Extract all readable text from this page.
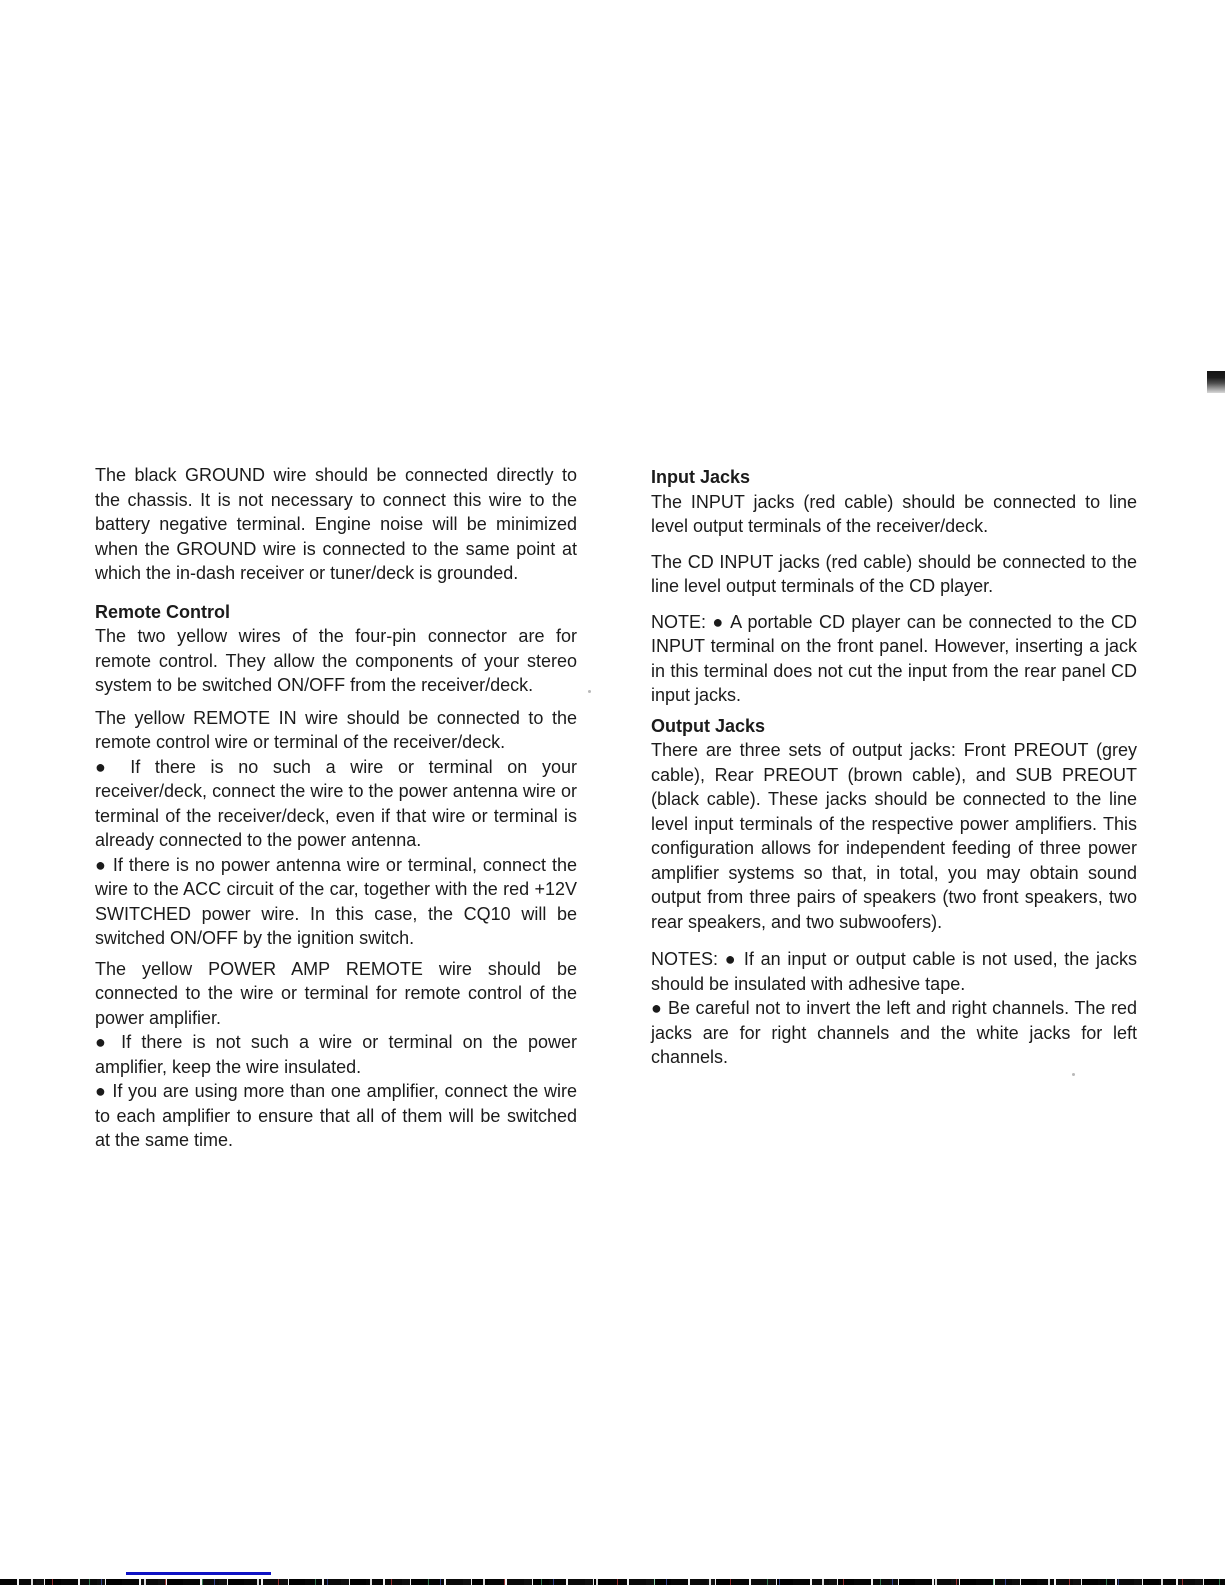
The black GROUND wire should be connected directly to the chassis. It is not necessary to connect this wire to the battery negative terminal. Engine noise will be minimized when the GROUND wire is connected to the same point at which the in-dash receiver or tuner/deck is grounded.

Remote Control

The two yellow wires of the four-pin connector are for remote control. They allow the components of your stereo system to be switched ON/OFF from the receiver/deck.

The yellow REMOTE IN wire should be connected to the remote control wire or terminal of the receiver/deck.

● If there is no such a wire or terminal on your receiver/deck, connect the wire to the power antenna wire or terminal of the receiver/deck, even if that wire or terminal is already connected to the power antenna.

● If there is no power antenna wire or terminal, connect the wire to the ACC circuit of the car, together with the red +12V SWITCHED power wire. In this case, the CQ10 will be switched ON/OFF by the ignition switch.

The yellow POWER AMP REMOTE wire should be connected to the wire or terminal for remote control of the power amplifier.

● If there is not such a wire or terminal on the power amplifier, keep the wire insulated.

● If you are using more than one amplifier, connect the wire to each amplifier to ensure that all of them will be switched at the same time.

Input Jacks

The INPUT jacks (red cable) should be connected to line level output terminals of the receiver/deck.

The CD INPUT jacks (red cable) should be connected to the line level output terminals of the CD player.

NOTE: ● A portable CD player can be connected to the CD INPUT terminal on the front panel. However, inserting a jack in this terminal does not cut the input from the rear panel CD input jacks.

Output Jacks

There are three sets of output jacks: Front PREOUT (grey cable), Rear PREOUT (brown cable), and SUB PREOUT (black cable). These jacks should be connected to the line level input terminals of the respective power amplifiers. This configuration allows for independent feeding of three power amplifier systems so that, in total, you may obtain sound output from three pairs of speakers (two front speakers, two rear speakers, and two subwoofers).

NOTES: ● If an input or output cable is not used, the jacks should be insulated with adhesive tape.

● Be careful not to invert the left and right channels. The red jacks are for right channels and the white jacks for left channels.
